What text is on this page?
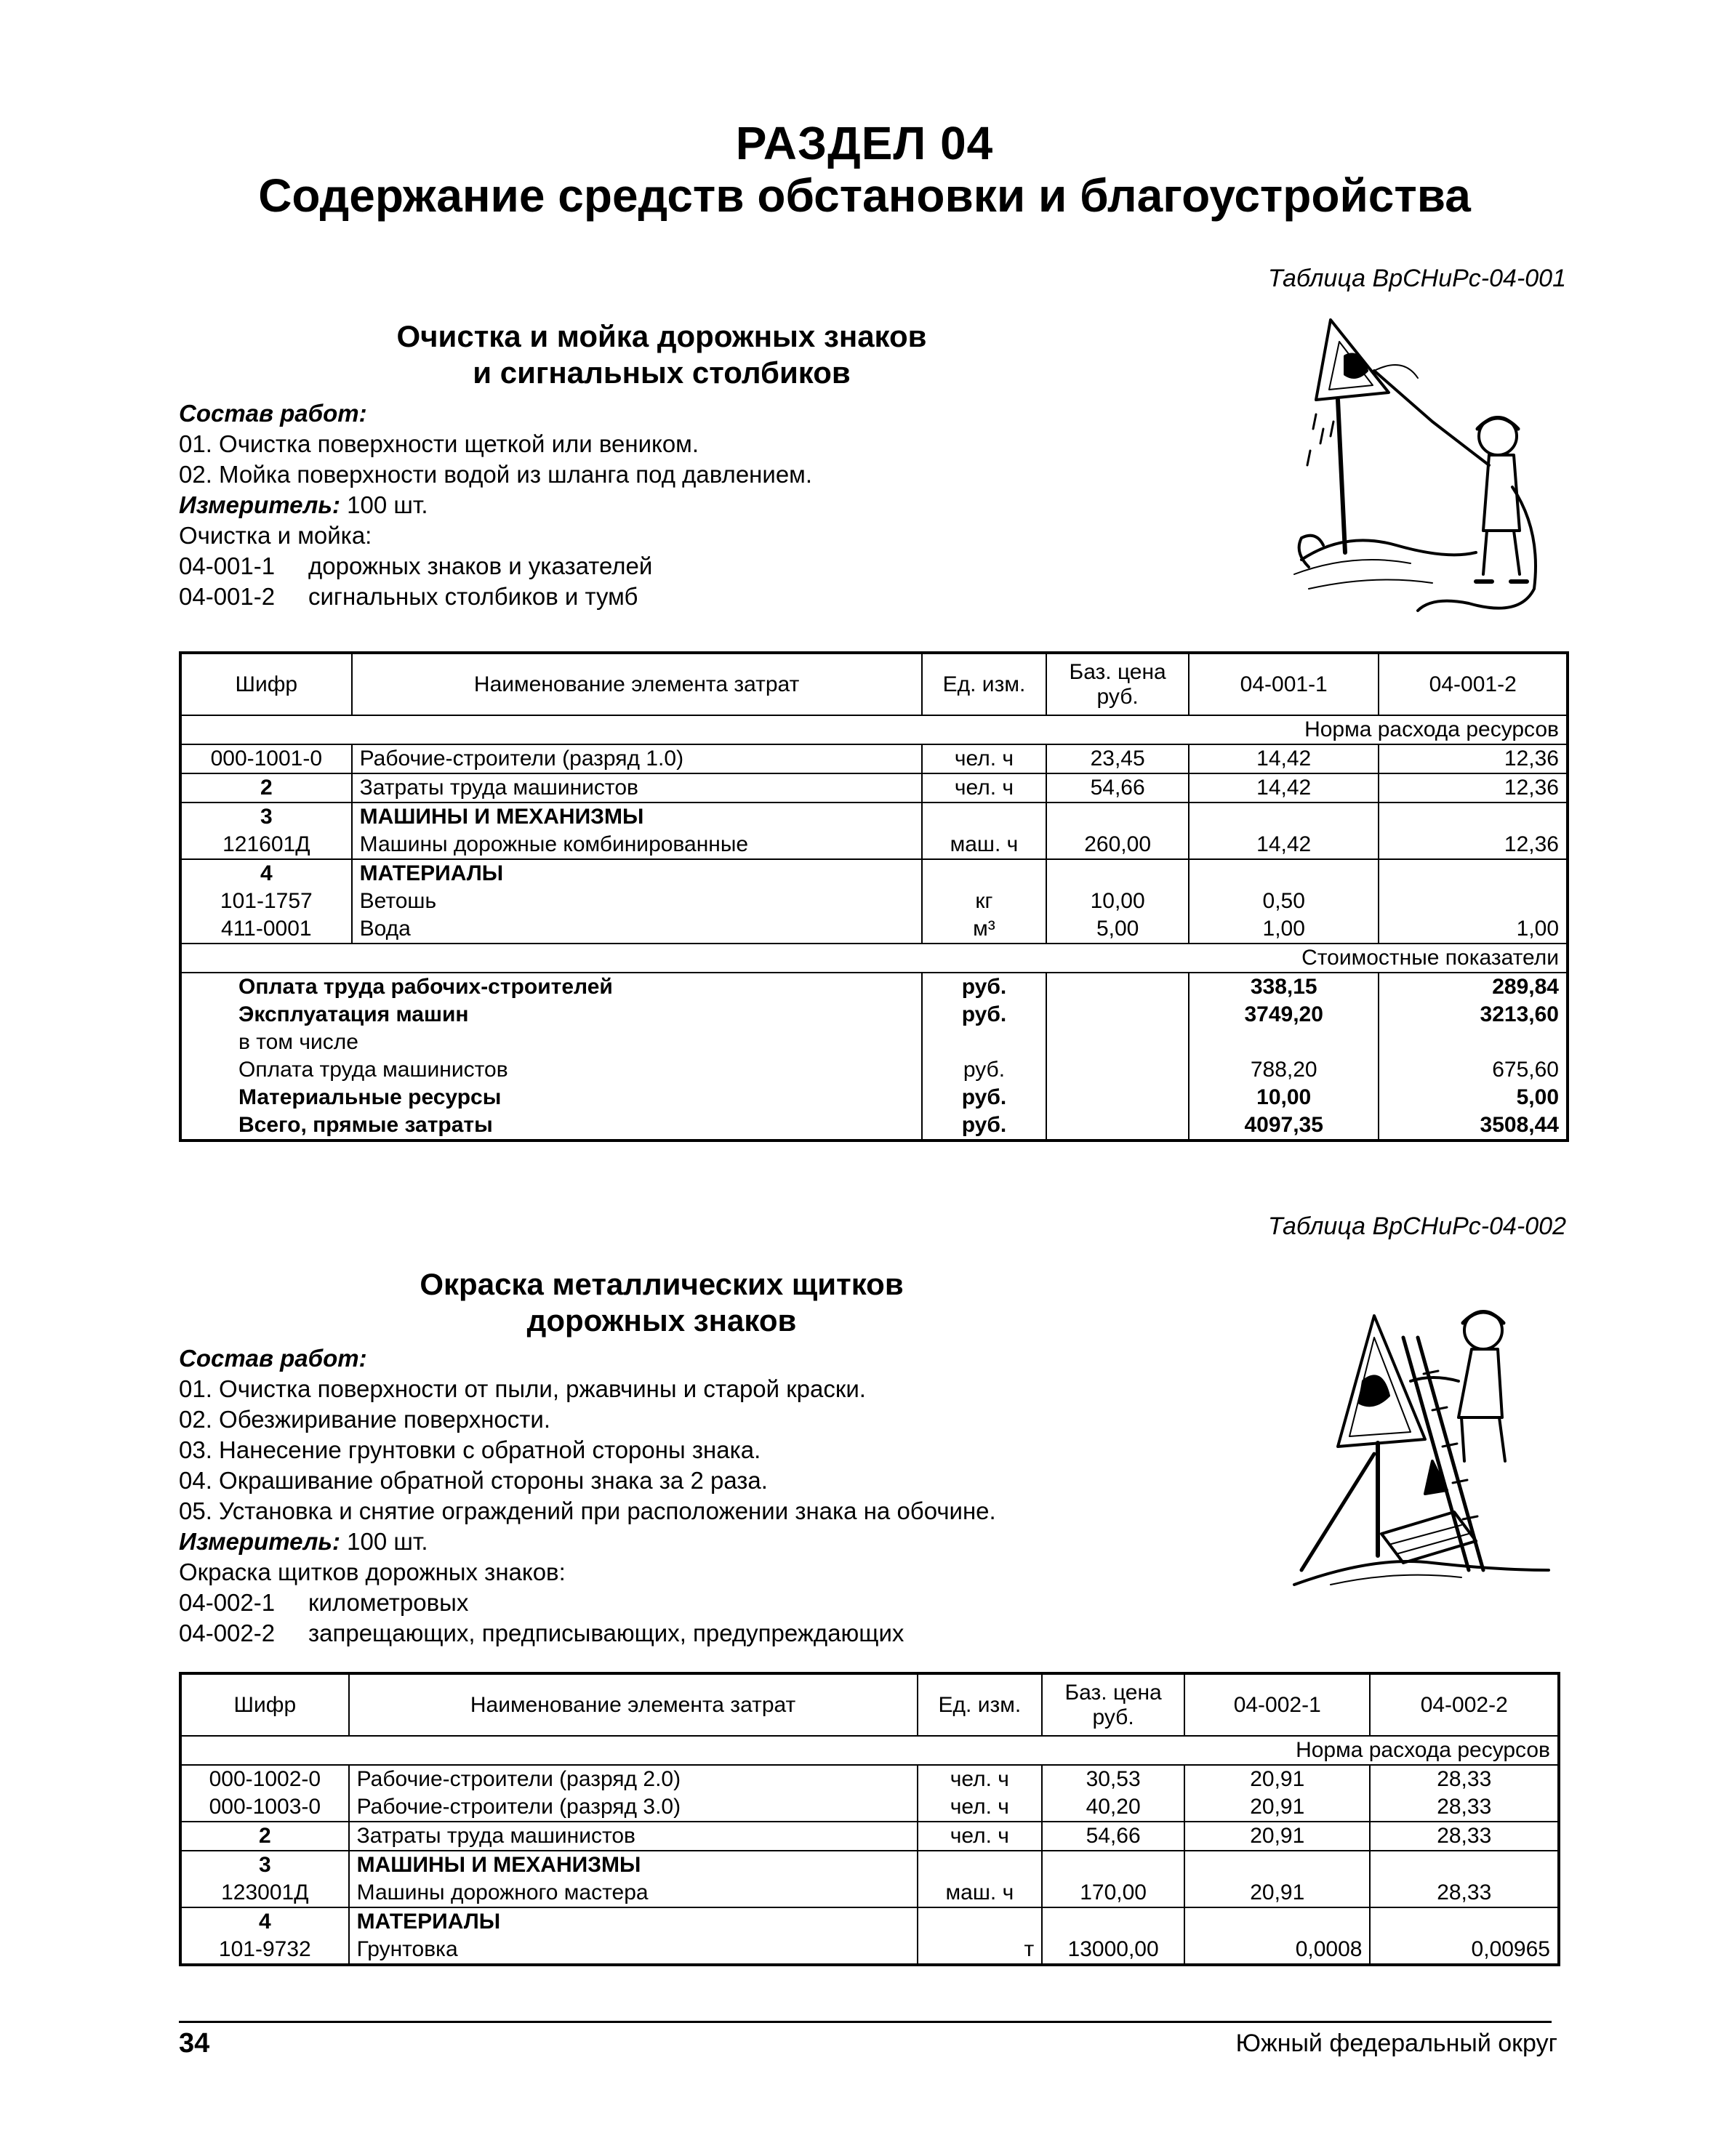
РАЗДЕЛ 04
Содержание средств обстановки и благоустройства
Таблица ВрСНиРс-04-001
Очистка и мойка дорожных знаков
и сигнальных столбиков
Состав работ:
01. Очистка поверхности щеткой или веником.
02. Мойка поверхности водой из шланга под давлением.
Измеритель: 100 шт.
Очистка и мойка:
04-001-1 дорожных знаков и указателей
04-001-2 сигнальных столбиков и тумб
Шифр	Наименование элемента затрат	Ед. изм.	Баз. цена руб.	04-001-1	04-001-2
Норма расхода ресурсов					
000-1001-0	Рабочие-строители (разряд 1.0)	чел. ч	23,45	14,42	12,36
2	Затраты труда машинистов	чел. ч	54,66	14,42	12,36
3	МАШИНЫ И МЕХАНИЗМЫ				
121601Д	Машины дорожные комбинированные	маш. ч	260,00	14,42	12,36
4	МАТЕРИАЛЫ				
101-1757	Ветошь	кг	10,00	0,50	
411-0001	Вода	м³	5,00	1,00	1,00
Стоимостные показатели					
Оплата труда рабочих-строителей		руб.		338,15	289,84
Эксплуатация машин		руб.		3749,20	3213,60
в том числе					
Оплата труда машинистов		руб.		788,20	675,60
Материальные ресурсы		руб.		10,00	5,00
Всего, прямые затраты		руб.		4097,35	3508,44
Таблица ВрСНиРс-04-002
Окраска металлических щитков
дорожных знаков
Состав работ:
01. Очистка поверхности от пыли, ржавчины и старой краски.
02. Обезжиривание поверхности.
03. Нанесение грунтовки с обратной стороны знака.
04. Окрашивание обратной стороны знака за 2 раза.
05. Установка и снятие ограждений при расположении знака на обочине.
Измеритель: 100 шт.
Окраска щитков дорожных знаков:
04-002-1 километровых
04-002-2 запрещающих, предписывающих, предупреждающих
Шифр	Наименование элемента затрат	Ед. изм.	Баз. цена руб.	04-002-1	04-002-2
Норма расхода ресурсов					
000-1002-0	Рабочие-строители (разряд 2.0)	чел. ч	30,53	20,91	28,33
000-1003-0	Рабочие-строители (разряд 3.0)	чел. ч	40,20	20,91	28,33
2	Затраты труда машинистов	чел. ч	54,66	20,91	28,33
3	МАШИНЫ И МЕХАНИЗМЫ				
123001Д	Машины дорожного мастера	маш. ч	170,00	20,91	28,33
4	МАТЕРИАЛЫ				
101-9732	Грунтовка	т	13000,00	0,0008	0,00965
34	Южный федеральный округ
